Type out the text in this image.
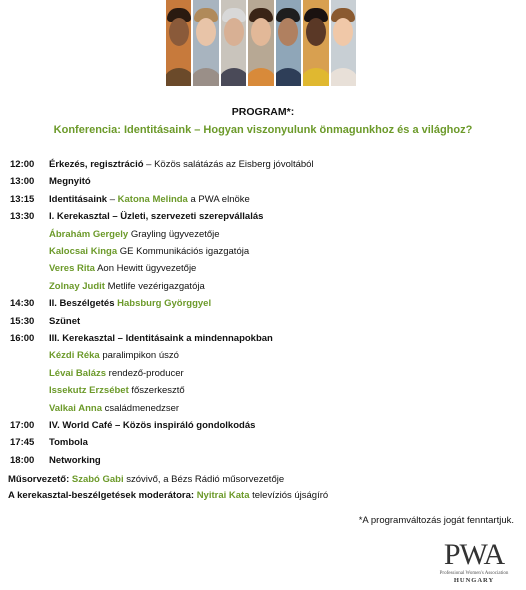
PROGRAM*:
Konferencia: Identitásaink – Hogyan viszonyulunk önmagunkhoz és a világhoz?
12:00 Érkezés, regisztráció – Közös salátázás az Eisberg jóvoltából
13:00 Megnyitó
13:15 Identitásaink – Katona Melinda a PWA elnöke
13:30 I. Kerekasztal – Üzleti, szervezeti szerepvállalás
Ábrahám Gergely Grayling ügyvezetője
Kalocsai Kinga GE Kommunikációs igazgatója
Veres Rita Aon Hewitt ügyvezetője
Zolnay Judit Metlife vezérigazgatója
14:30 II. Beszélgetés Habsburg Györggyel
15:30 Szünet
16:00 III. Kerekasztal – Identitásaink a mindennapokban
Kézdi Réka paralimpikon úszó
Lévai Balázs rendező-producer
Issekutz Erzsébet főszerkesztő
Valkai Anna családmenedzser
17:00 IV. World Café – Közös inspiráló gondolkodás
17:45 Tombola
18:00 Networking
Műsorvezető: Szabó Gabi szóvivő, a Bézs Rádió műsorvezetője
A kerekasztal-beszélgetések moderátora: Nyitrai Kata televíziós újságíró
*A programváltozás jogát fenntartjuk.
PWA
Professional Women's Association
HUNGARY
